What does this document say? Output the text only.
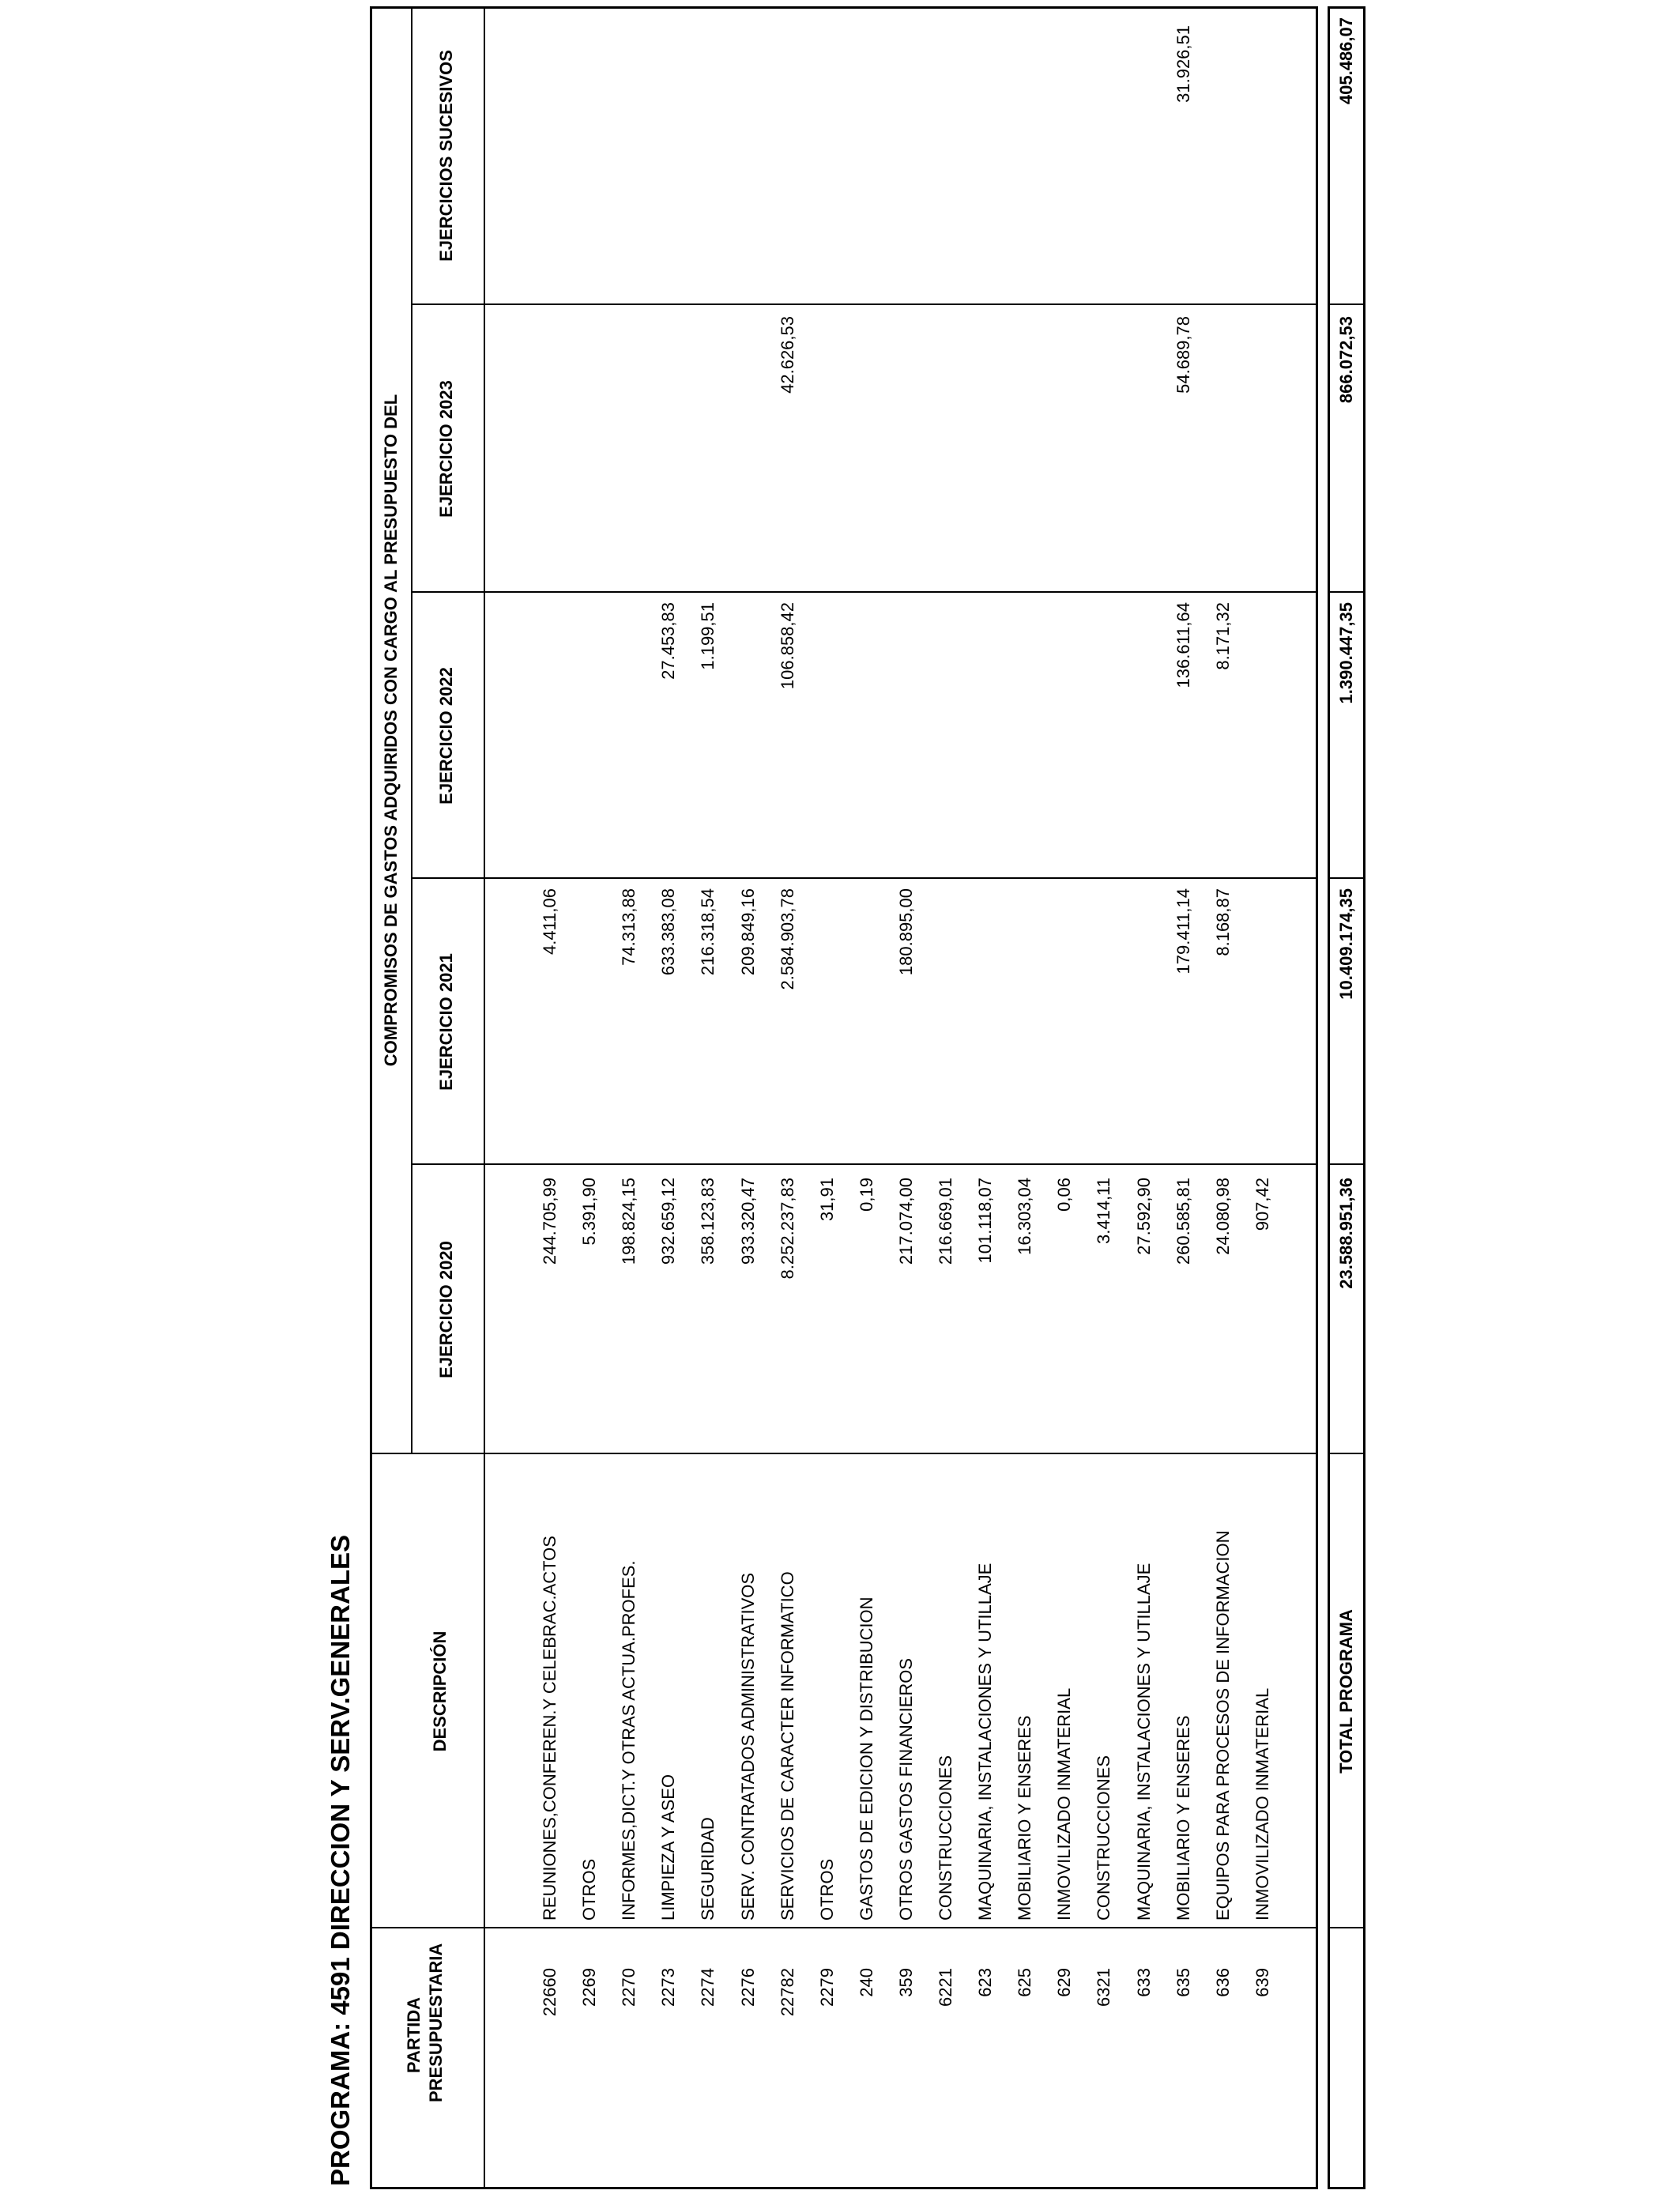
PROGRAMA: 4591 DIRECCION Y SERV.GENERALES	PARTIDA PRESUPUESTARIA
DESCRIPCIÓN
COMPROMISOS DE GASTOS ADQUIRIDOS CON CARGO AL PRESUPUESTO DEL
EJERCICIO 2020
EJERCICIO 2021
EJERCICIO 2022
EJERCICIO 2023
EJERCICIOS SUCESIVOS
22660
REUNIONES,CONFEREN.Y CELEBRAC.ACTOS
244.705,99
4.411,06
2269
OTROS
5.391,90
2270
INFORMES,DICT.Y OTRAS ACTUA.PROFES.
198.824,15
74.313,88
2273
LIMPIEZA Y ASEO
932.659,12
633.383,08
27.453,83
2274
SEGURIDAD
358.123,83
216.318,54
1.199,51
2276
SERV. CONTRATADOS ADMINISTRATIVOS
933.320,47
209.849,16
22782
SERVICIOS DE CARACTER INFORMATICO
8.252.237,83
2.584.903,78
106.858,42
42.626,53
2279
OTROS
31,91
240
GASTOS DE EDICION Y DISTRIBUCION
0,19
359
OTROS GASTOS FINANCIEROS
217.074,00
180.895,00
6221
CONSTRUCCIONES
216.669,01
623
MAQUINARIA, INSTALACIONES Y UTILLAJE
101.118,07
625
MOBILIARIO Y ENSERES
16.303,04
629
INMOVILIZADO INMATERIAL
0,06
6321
CONSTRUCCIONES
3.414,11
633
MAQUINARIA, INSTALACIONES Y UTILLAJE
27.592,90
635
MOBILIARIO Y ENSERES
260.585,81
179.411,14
136.611,64
54.689,78
31.926,51
636
EQUIPOS PARA PROCESOS DE INFORMACION
24.080,98
8.168,87
8.171,32
639
INMOVILIZADO INMATERIAL
907,42
TOTAL PROGRAMA
23.588.951,36
10.409.174,35
1.390.447,35
866.072,53
405.486,07
